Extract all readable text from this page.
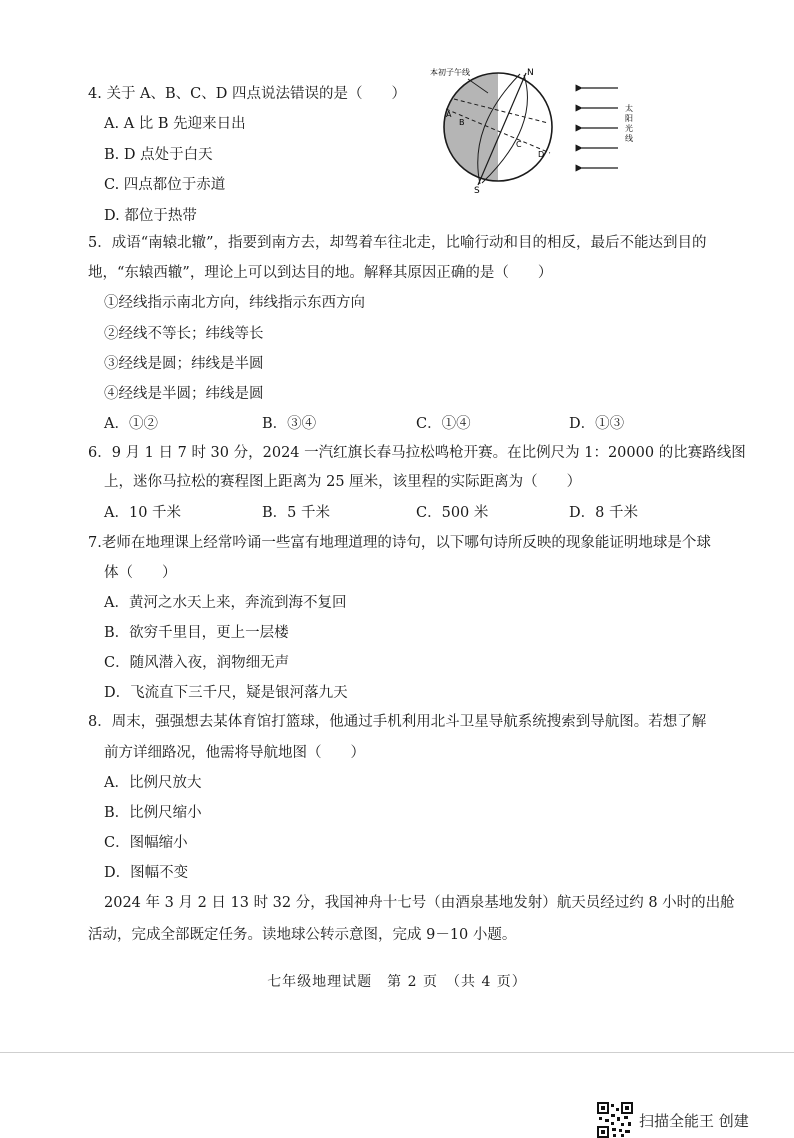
4. 关于 A、B、C、D 四点说法错误的是（　　）
A. A 比 B 先迎来日出
B. D 点处于白天
C. 四点都位于赤道
D. 都位于热带
本初子午线	N
S
A
B
C
D
太阳光线
5．成语“南辕北辙”，指要到南方去，却驾着车往北走，比喻行动和目的相反，最后不能达到目的
地，“东辕西辙”，理论上可以到达目的地。解释其原因正确的是（　　）
①经线指示南北方向，纬线指示东西方向
②经线不等长；纬线等长
③经线是圆；纬线是半圆
④经线是半圆；纬线是圆
A．①②	B．③④	C．①④	D．①③
6．9 月 1 日 7 时 30 分，2024 一汽红旗长春马拉松鸣枪开赛。在比例尺为 1：20000 的比赛路线图
上，迷你马拉松的赛程图上距离为 25 厘米，该里程的实际距离为（　　）
A．10 千米	B．5 千米	C．500 米	D．8 千米
7.老师在地理课上经常吟诵一些富有地理道理的诗句，以下哪句诗所反映的现象能证明地球是个球
体（　　）
A．黄河之水天上来，奔流到海不复回
B．欲穷千里目，更上一层楼
C．随风潜入夜，润物细无声
D．飞流直下三千尺，疑是银河落九天
8．周末，强强想去某体育馆打篮球，他通过手机利用北斗卫星导航系统搜索到导航图。若想了解
前方详细路况，他需将导航地图（　　）
A．比例尺放大
B．比例尺缩小
C．图幅缩小
D．图幅不变
2024 年 3 月 2 日 13 时 32 分，我国神舟十七号（由酒泉基地发射）航天员经过约 8 小时的出舱
活动，完成全部既定任务。读地球公转示意图，完成 9－10 小题。
七年级地理试题　第 2 页　（共 4 页）
扫描全能王 创建
